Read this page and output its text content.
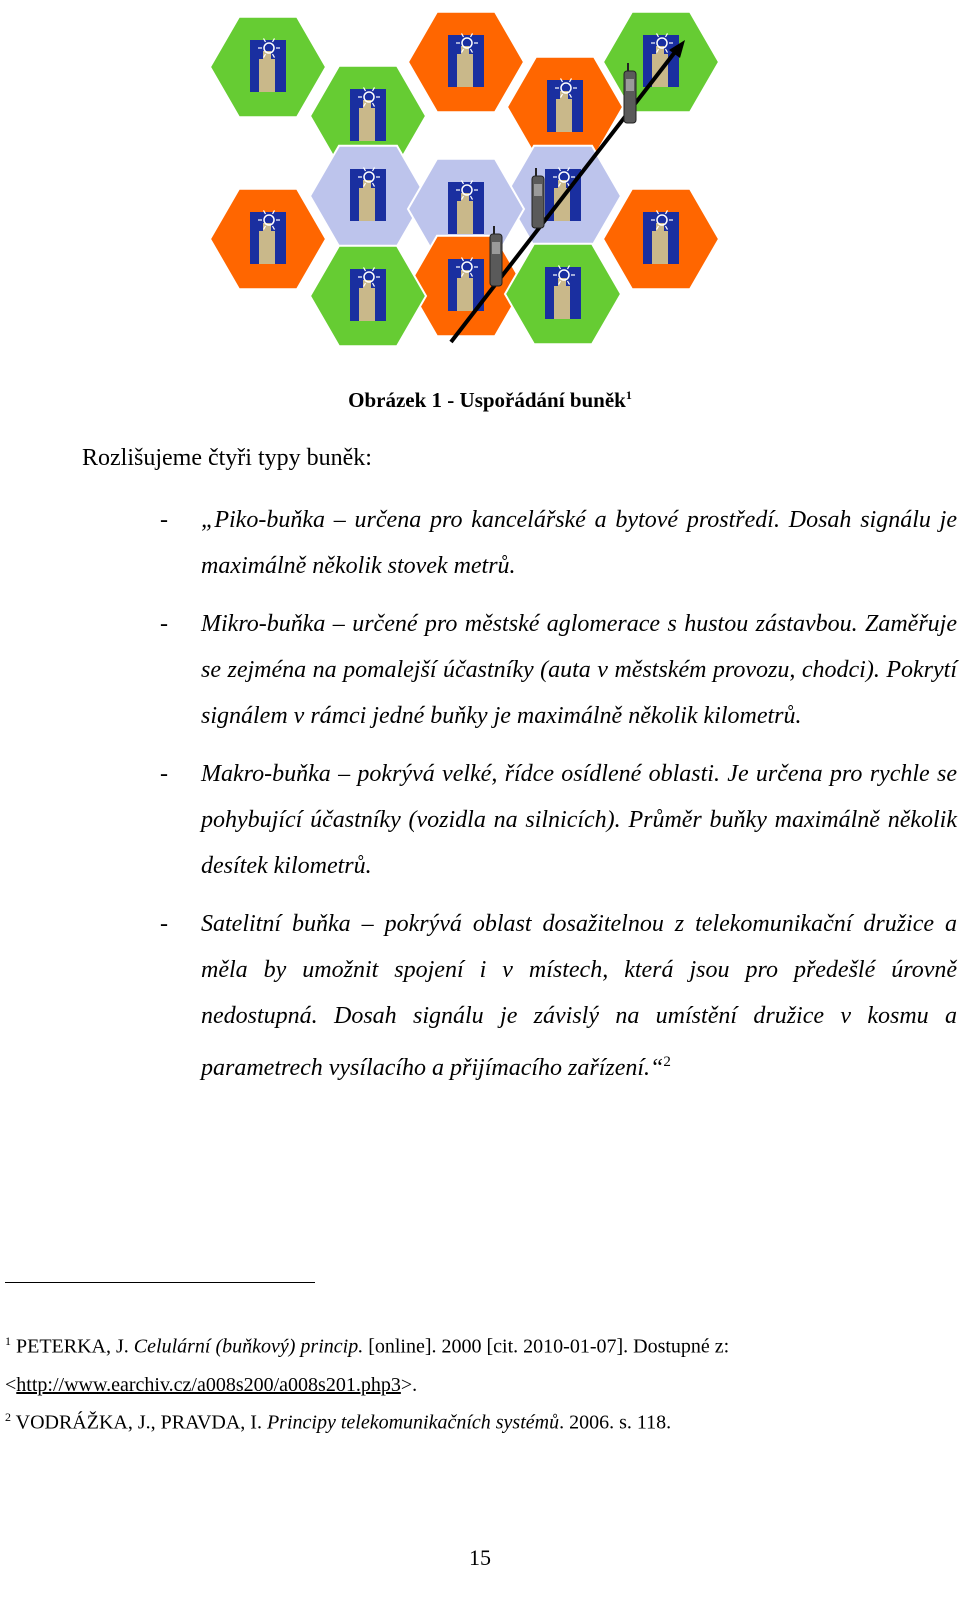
Obrázek 1 - Uspořádání buněk$^1$
Rozlišujeme čtyři typy buněk:
- „Piko-buňka – určena pro kancelářské a bytové prostředí. Dosah signálu je maximálně několik stovek metrů.
- Mikro-buňka – určené pro městské aglomerace s hustou zástavbou. Zaměřuje se zejména na pomalejší účastníky (auta v městském provozu, chodci). Pokrytí signálem v rámci jedné buňky je maximálně několik kilometrů.
- Makro-buňka – pokrývá velké, řídce osídlené oblasti. Je určena pro rychle se pohybující účastníky (vozidla na silnicích). Průměr buňky maximálně několik desítek kilometrů.
- Satelitní buňka – pokrývá oblast dosažitelnou z telekomunikační družice a měla by umožnit spojení i v místech, která jsou pro předešlé úrovně nedostupná. Dosah signálu je závislý na umístění družice v kosmu a parametrech vysílacího a přijímacího zařízení.“$^2$
$^1$ PETERKA, J. Celulární (buňkový) princip. [online]. 2000 [cit. 2010-01-07]. Dostupné z:
<http://www.earchiv.cz/a008s200/a008s201.php3>.
$^2$ VODRÁŽKA, J., PRAVDA, I. Principy telekomunikačních systémů. 2006. s. 118.
15
